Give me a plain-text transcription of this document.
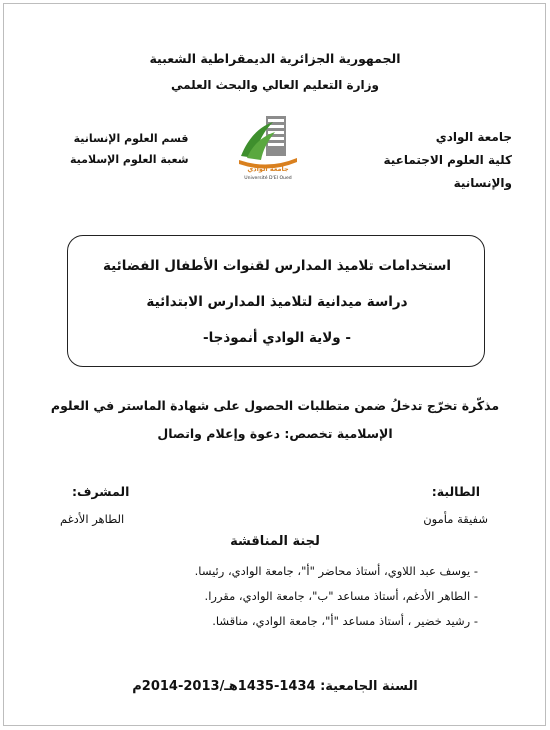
الجمهورية الجزائرية الديمقراطية الشعبية
وزارة التعليم العالي والبحث العلمي
جامعة الوادي
كلية العلوم الاجتماعية
والإنسانية
قسم العلوم الإنسانية
شعبة العلوم الإسلامية
جامعة الوادي
Université D'El Oued
استخدامات تلاميذ المدارس لقنوات الأطفال الفضائية
دراسة ميدانية لتلاميذ المدارس الابتدائية
- ولاية الوادي أنموذجا-
مذكّرة تخرّج تدخلُ ضمن متطلبات الحصول على شهادة الماستر في العلوم
الإسلامية تخصص: دعوة وإعلام واتصال
الطالبة:
شفيقة مأمون
المشرف:
الطاهر الأدغم
لجنة المناقشة
- يوسف عبد اللاوي، أستاذ محاضر "أ"، جامعة الوادي، رئيسا.
- الطاهر الأدغم، أستاذ مساعد "ب"، جامعة الوادي، مقررا.
- رشيد خضير ، أستاذ مساعد "أ"، جامعة الوادي، مناقشا.
السنة الجامعية: 1434-1435هـ/2013-2014م
